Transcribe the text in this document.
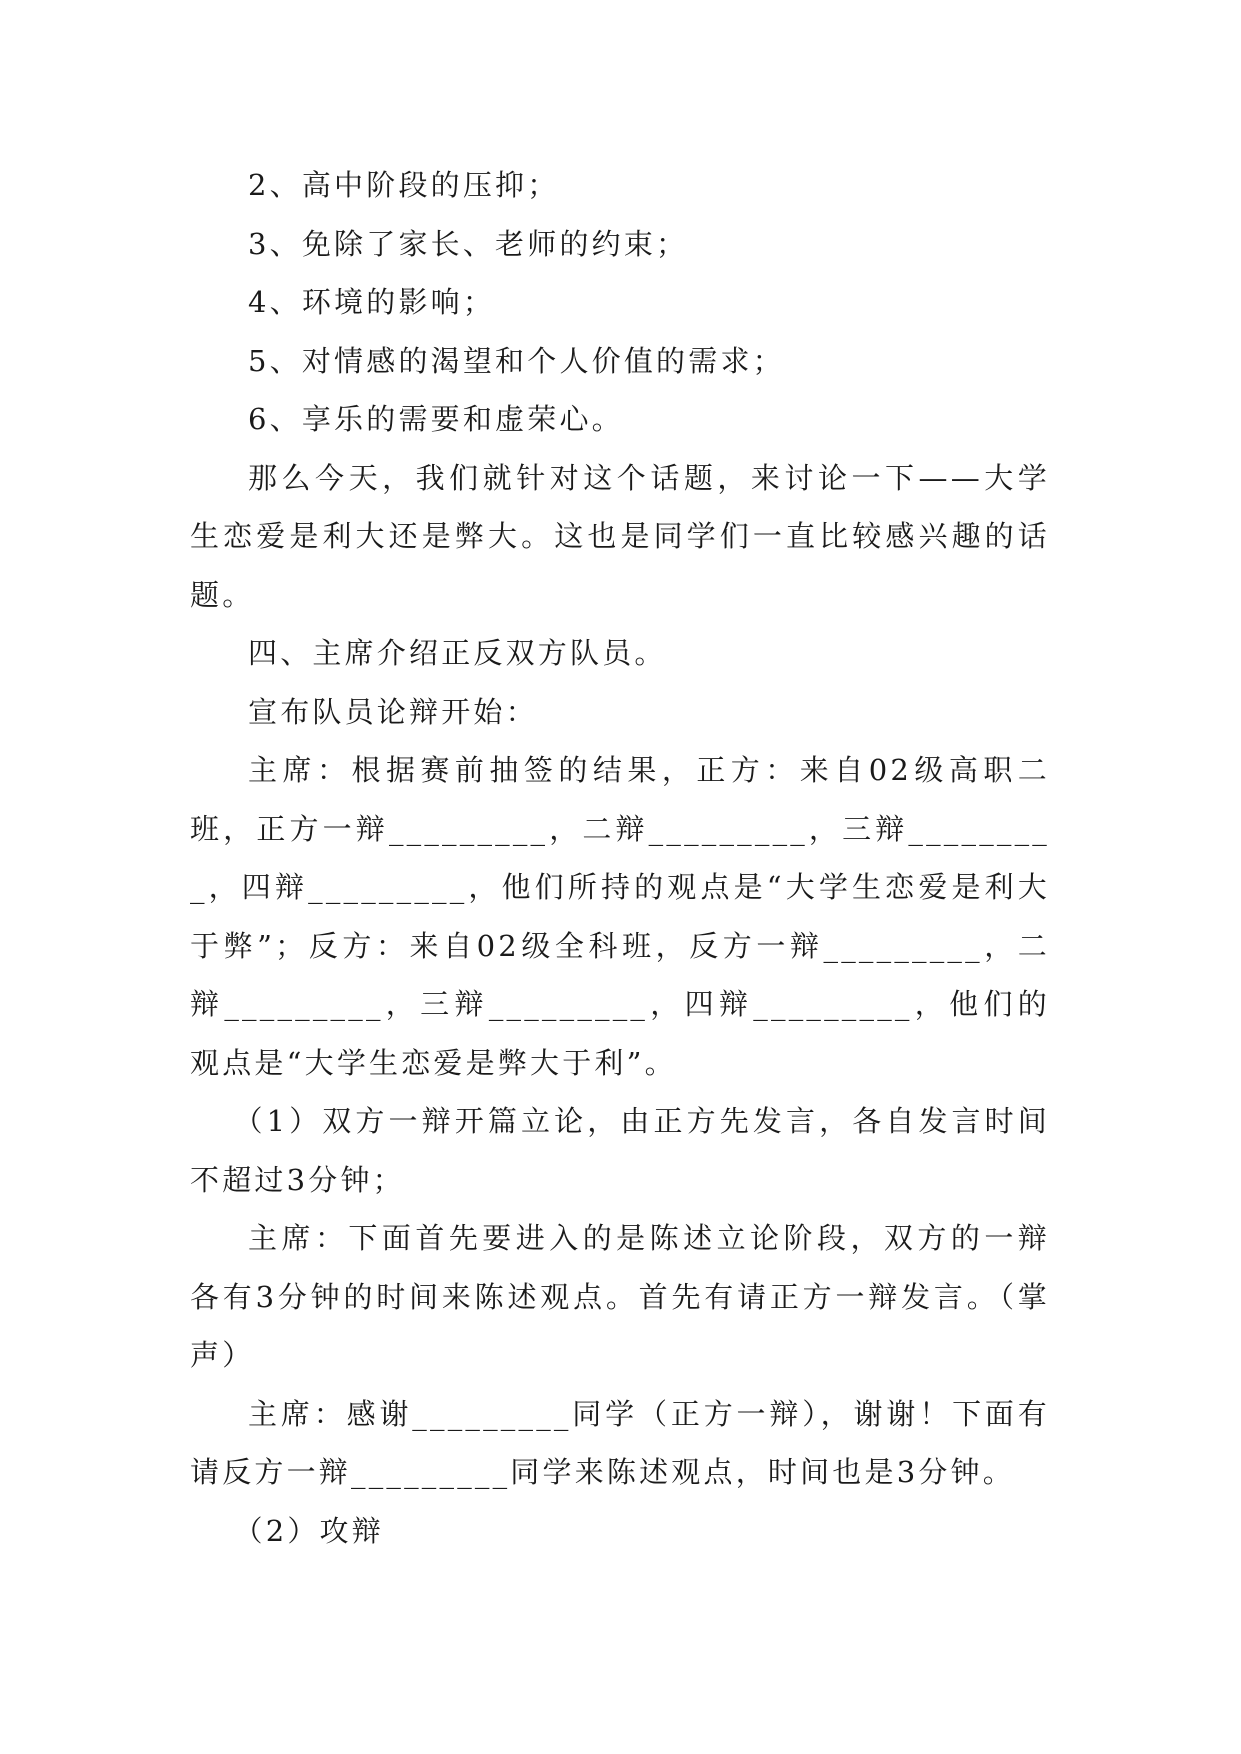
2、高中阶段的压抑；

3、免除了家长、老师的约束；

4、环境的影响；

5、对情感的渴望和个人价值的需求；

6、享乐的需要和虚荣心。

那么今天，我们就针对这个话题，来讨论一下——大学生恋爱是利大还是弊大。这也是同学们一直比较感兴趣的话题。

四、主席介绍正反双方队员。

宣布队员论辩开始：

主席：根据赛前抽签的结果，正方：来自02级高职二班，正方一辩_________，二辩_________，三辩_________，四辩_________，他们所持的观点是“大学生恋爱是利大于弊”；反方：来自02级全科班，反方一辩_________，二辩_________，三辩_________，四辩_________，他们的观点是“大学生恋爱是弊大于利”。

（1）双方一辩开篇立论，由正方先发言，各自发言时间不超过3分钟；

主席：下面首先要进入的是陈述立论阶段，双方的一辩各有3分钟的时间来陈述观点。首先有请正方一辩发言。（掌声）

主席：感谢_________同学（正方一辩），谢谢！下面有请反方一辩_________同学来陈述观点，时间也是3分钟。

（2）攻辩
